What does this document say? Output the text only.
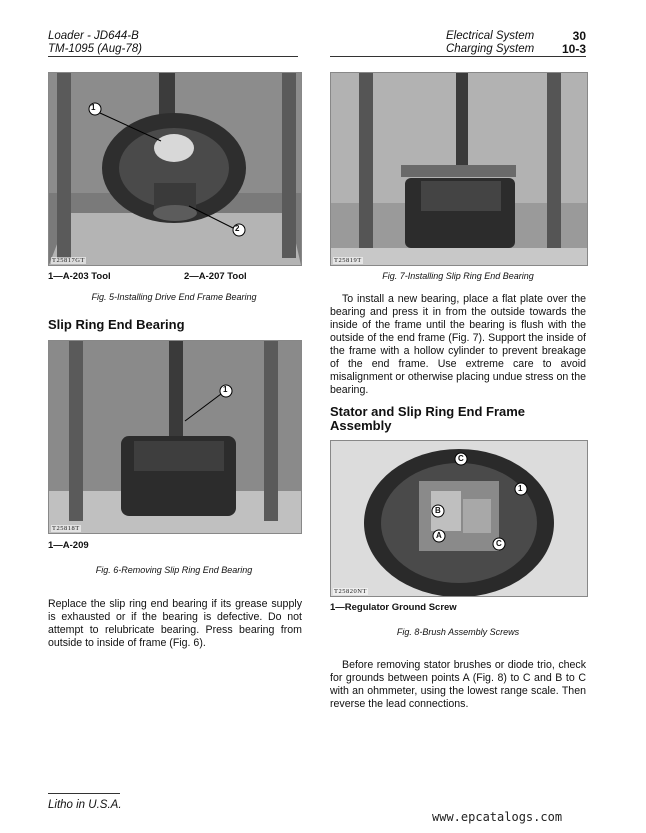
Loader - JD644-B
TM-1095 (Aug-78)
Electrical System	30
Charging System 10-3
1
2
T25817GT
1—A-203 Tool	2—A-207 Tool
Fig. 5-Installing Drive End Frame Bearing
Slip Ring End Bearing
1
T25818T
1—A-209
Fig. 6-Removing Slip Ring End Bearing
Replace the slip ring end bearing if its grease supply is exhausted or if the bearing is defective. Do not attempt to relubricate bearing. Press bearing from outside to inside of frame (Fig. 6).
T25819T
Fig. 7-Installing Slip Ring End Bearing
To install a new bearing, place a flat plate over the bearing and press it in from the outside towards the inside of the frame until the bearing is flush with the outside of the end frame (Fig. 7). Support the inside of the frame with a hollow cylinder to prevent breakage of the end frame. Use extreme care to avoid misalignment or otherwise placing undue stress on the bearing.
Stator and Slip Ring End Frame Assembly
C
B
1
C
A
T25820NT
1—Regulator Ground Screw
Fig. 8-Brush Assembly Screws
Before removing stator brushes or diode trio, check for grounds between points A (Fig. 8) to C and B to C with an ohmmeter, using the lowest range scale. Then reverse the lead connections.
Litho in U.S.A.
www.epcatalogs.com
